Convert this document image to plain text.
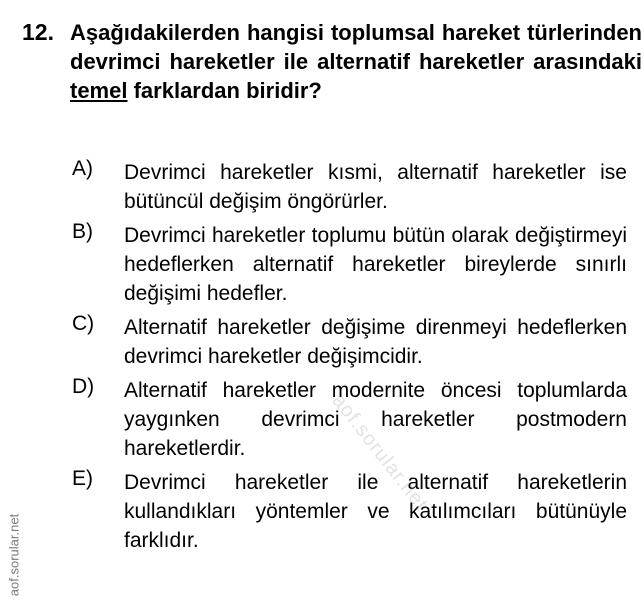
12. Aşağıdakilerden hangisi toplumsal hareket türlerinden devrimci hareketler ile alternatif hareketler arasındaki temel farklardan biridir?
A)	Devrimci hareketler kısmi, alternatif hareketler ise bütüncül değişim öngörürler.
B)	Devrimci hareketler toplumu bütün olarak değiştirmeyi hedeflerken alternatif hareketler bireylerde sınırlı değişimi hedefler.
C)	Alternatif hareketler değişime direnmeyi hedeflerken devrimci hareketler değişimcidir.
D)	Alternatif hareketler modernite öncesi toplumlarda yaygınken devrimci hareketler postmodern hareketlerdir.
E)	Devrimci hareketler ile alternatif hareketlerin kullandıkları yöntemler ve katılımcıları bütünüyle farklıdır.
aof.sorular.net
aof.sorular.net
